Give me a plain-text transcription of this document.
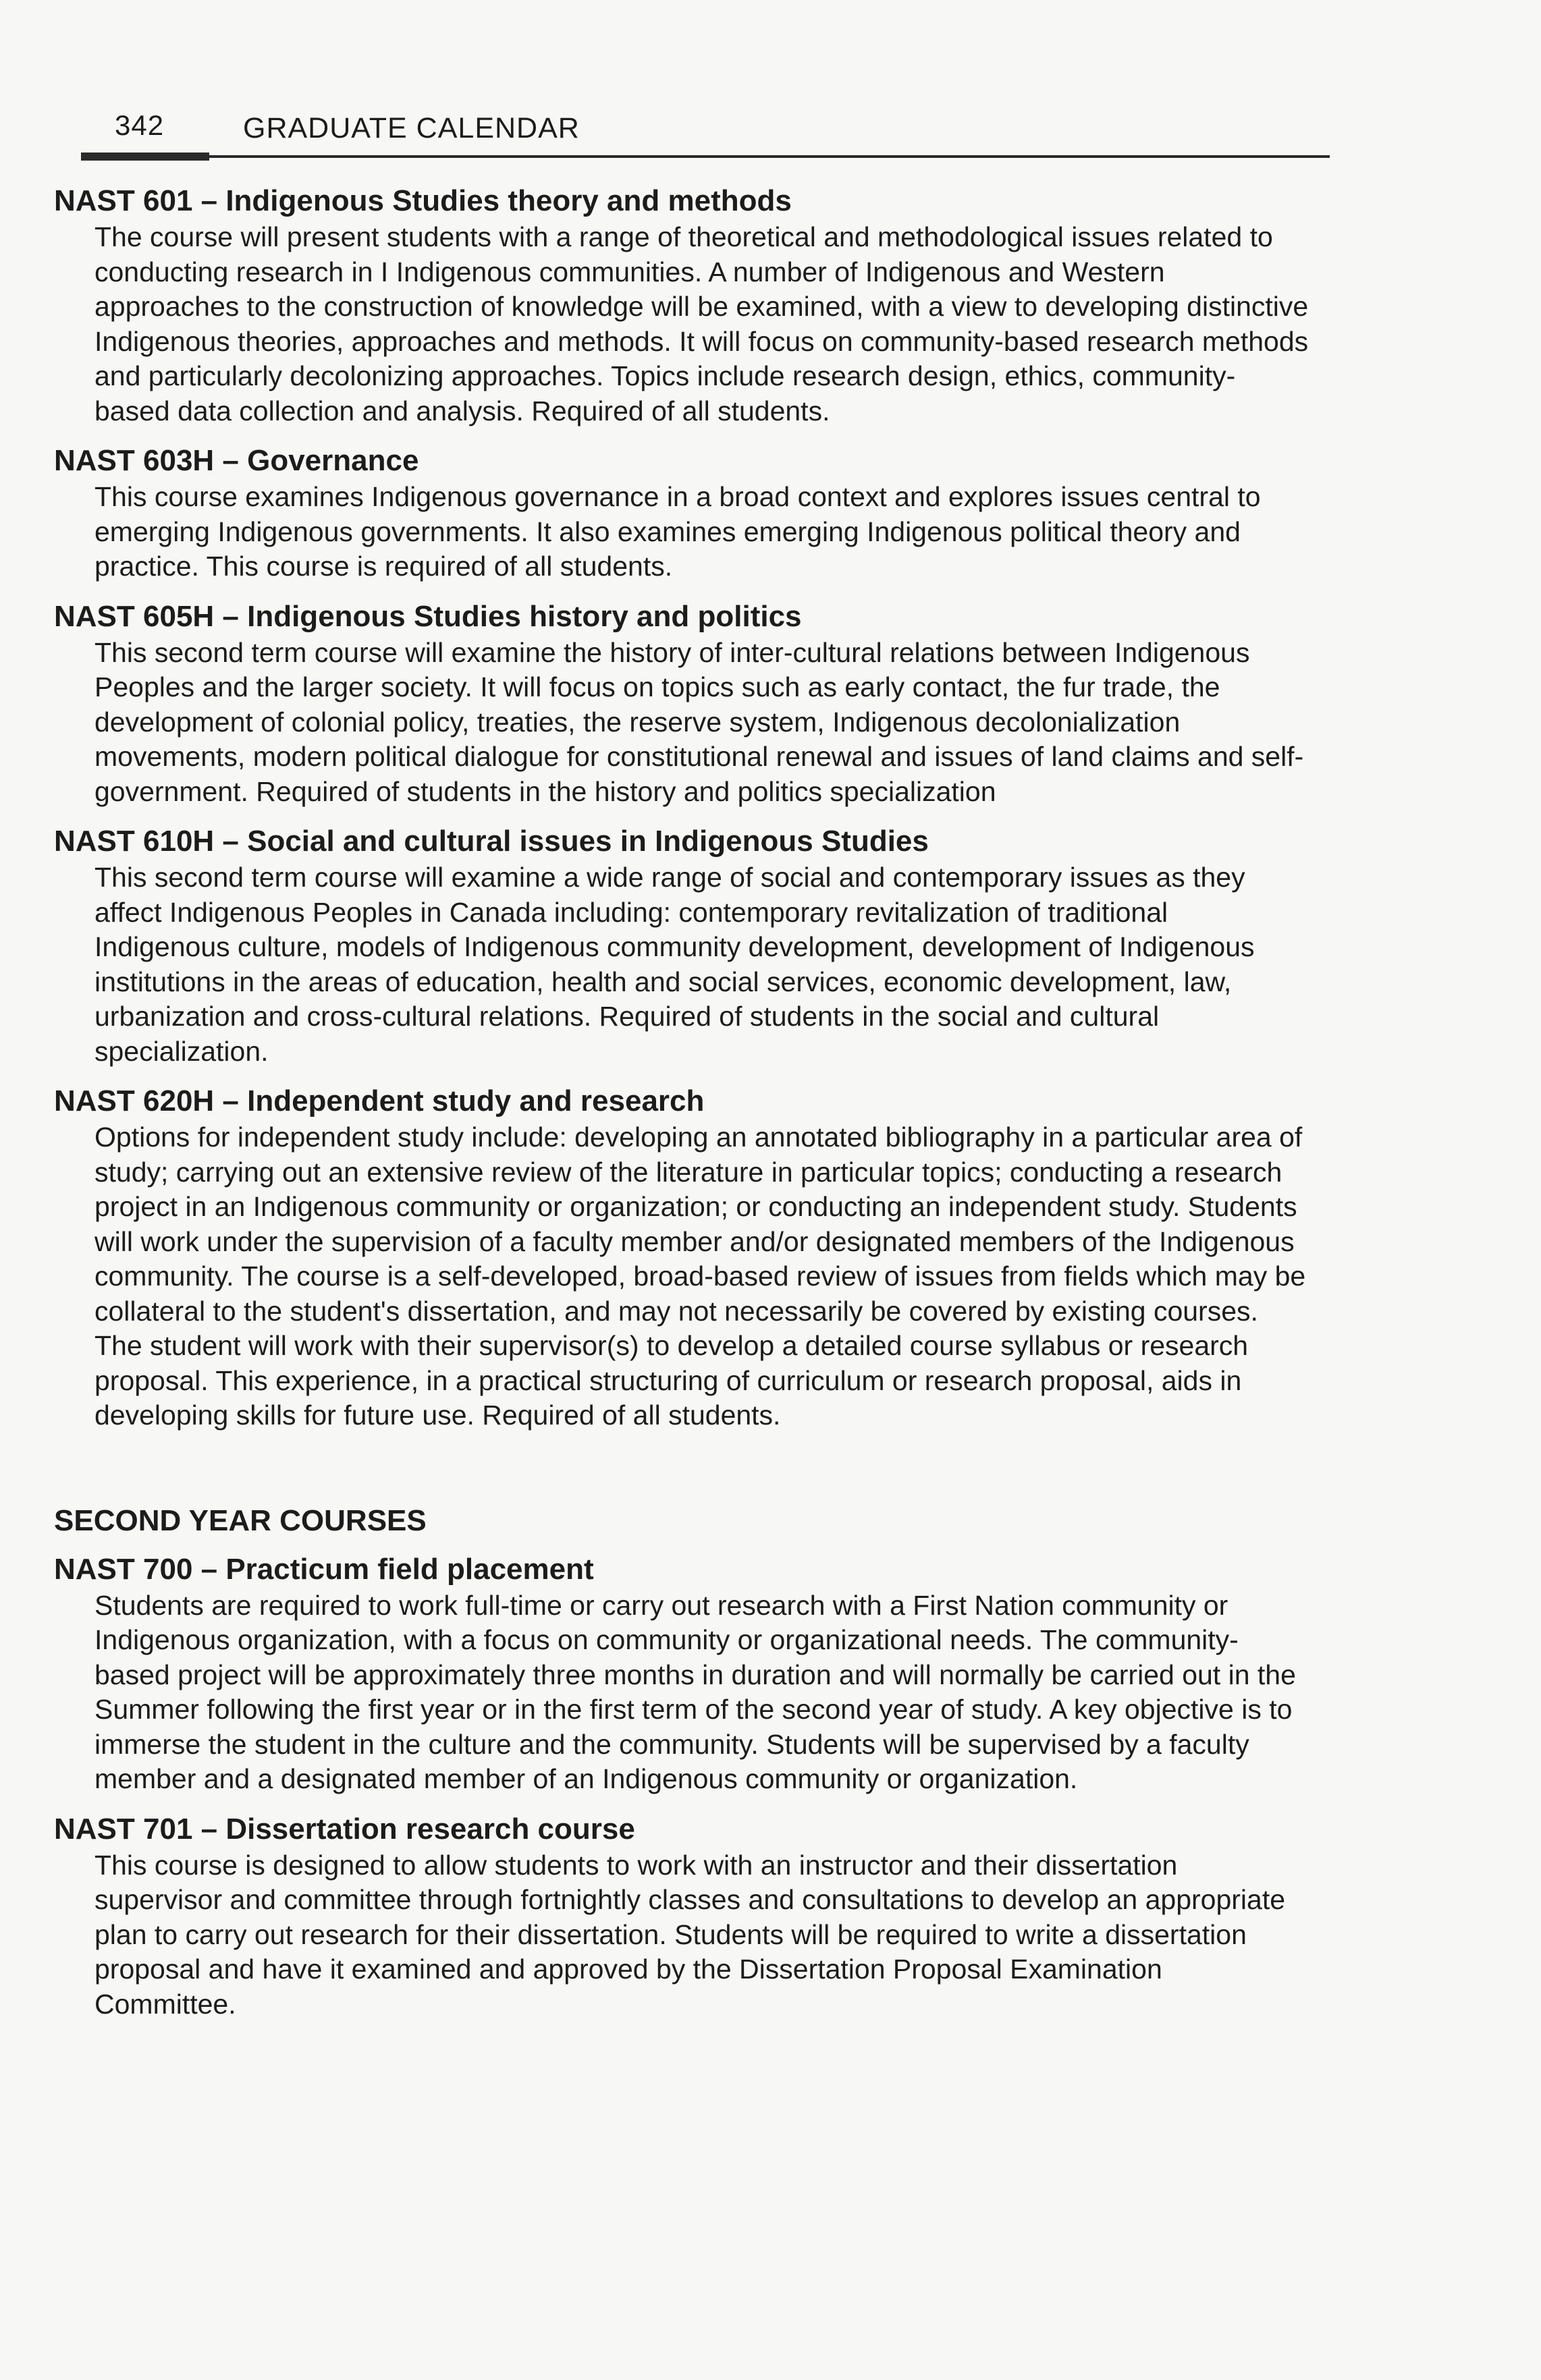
342	GRADUATE CALENDAR

NAST 601 – Indigenous Studies theory and methods

The course will present students with a range of theoretical and methodological issues related to conducting research in I Indigenous communities. A number of Indigenous and Western approaches to the construction of knowledge will be examined, with a view to developing distinctive Indigenous theories, approaches and methods. It will focus on community-based research methods and particularly decolonizing approaches. Topics include research design, ethics, community-based data collection and analysis. Required of all students.

NAST 603H – Governance

This course examines Indigenous governance in a broad context and explores issues central to emerging Indigenous governments. It also examines emerging Indigenous political theory and practice. This course is required of all students.

NAST 605H – Indigenous Studies history and politics

This second term course will examine the history of inter-cultural relations between Indigenous Peoples and the larger society. It will focus on topics such as early contact, the fur trade, the development of colonial policy, treaties, the reserve system, Indigenous decolonialization movements, modern political dialogue for constitutional renewal and issues of land claims and self-government. Required of students in the history and politics specialization

NAST 610H – Social and cultural issues in Indigenous Studies

This second term course will examine a wide range of social and contemporary issues as they affect Indigenous Peoples in Canada including: contemporary revitalization of traditional Indigenous culture, models of Indigenous community development, development of Indigenous institutions in the areas of education, health and social services, economic development, law, urbanization and cross-cultural relations. Required of students in the social and cultural specialization.

NAST 620H – Independent study and research

Options for independent study include: developing an annotated bibliography in a particular area of study; carrying out an extensive review of the literature in particular topics; conducting a research project in an Indigenous community or organization; or conducting an independent study. Students will work under the supervision of a faculty member and/or designated members of the Indigenous community. The course is a self-developed, broad-based review of issues from fields which may be collateral to the student's dissertation, and may not necessarily be covered by existing courses. The student will work with their supervisor(s) to develop a detailed course syllabus or research proposal. This experience, in a practical structuring of curriculum or research proposal, aids in developing skills for future use. Required of all students.

SECOND YEAR COURSES

NAST 700 – Practicum field placement

Students are required to work full-time or carry out research with a First Nation community or Indigenous organization, with a focus on community or organizational needs. The community-based project will be approximately three months in duration and will normally be carried out in the Summer following the first year or in the first term of the second year of study. A key objective is to immerse the student in the culture and the community. Students will be supervised by a faculty member and a designated member of an Indigenous community or organization.

NAST 701 – Dissertation research course

This course is designed to allow students to work with an instructor and their dissertation supervisor and committee through fortnightly classes and consultations to develop an appropriate plan to carry out research for their dissertation. Students will be required to write a dissertation proposal and have it examined and approved by the Dissertation Proposal Examination Committee.
